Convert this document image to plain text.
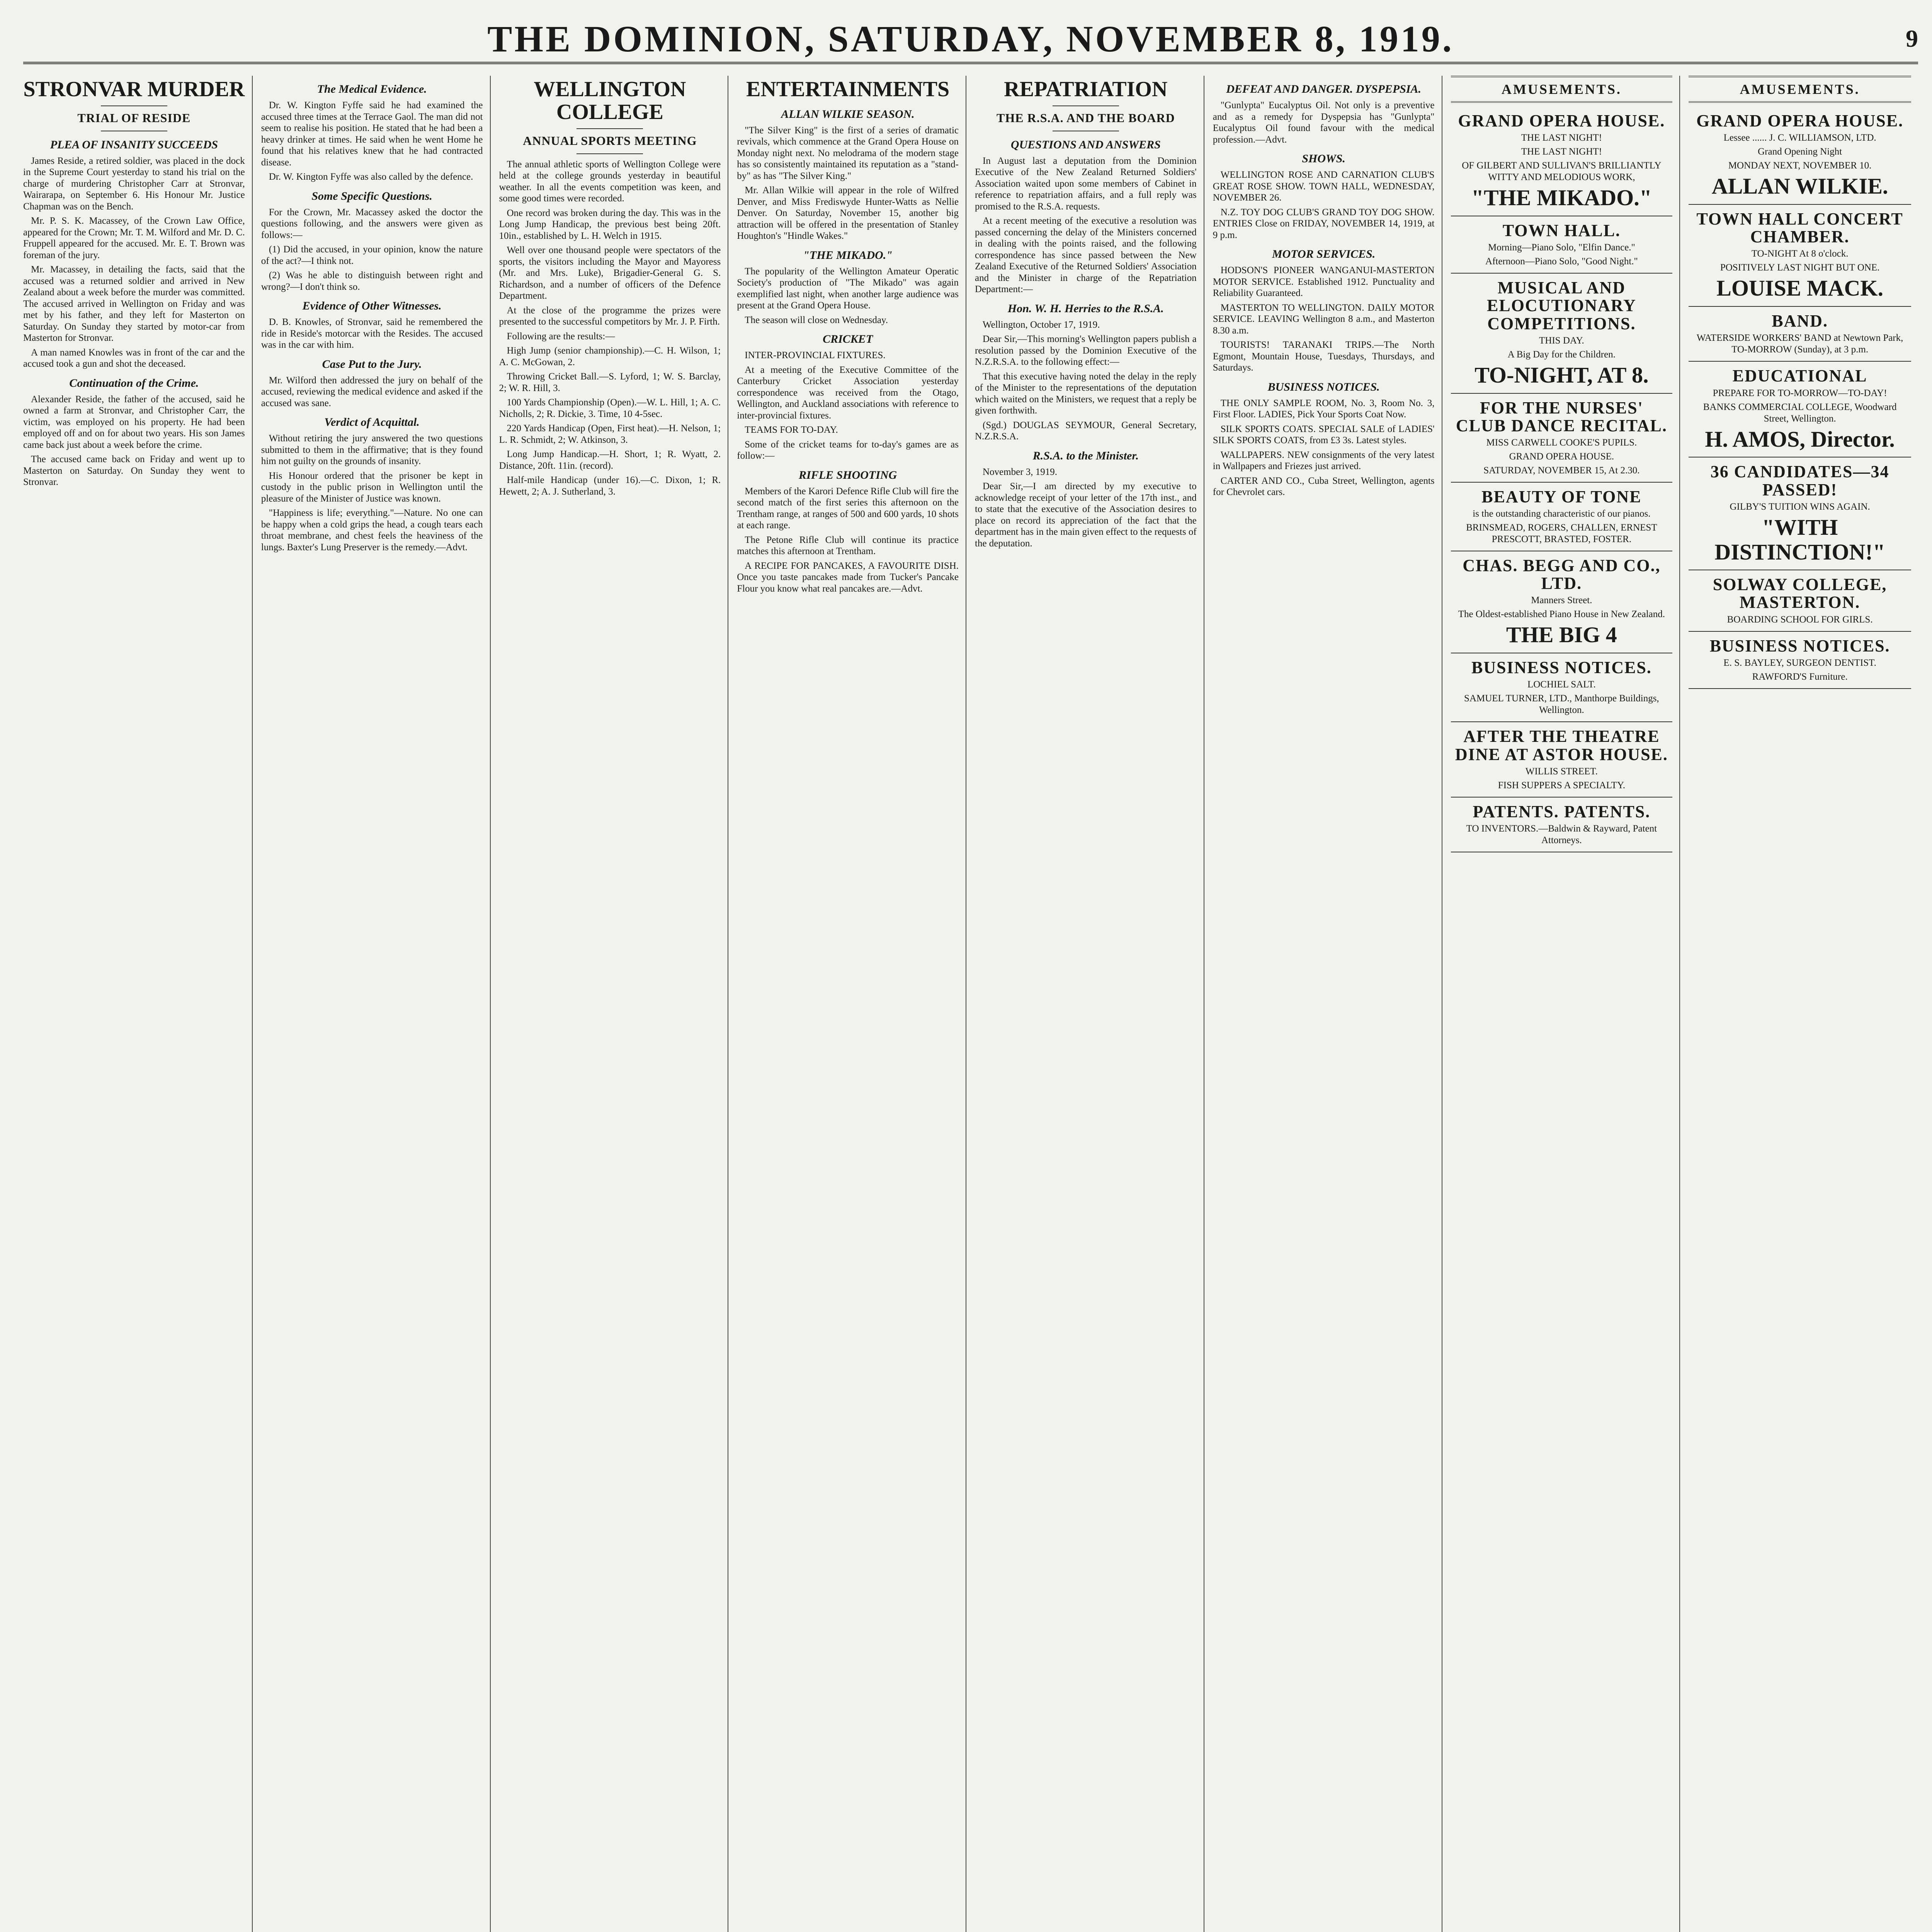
THE DOMINION, SATURDAY, NOVEMBER 8, 1919.	9
STRONVAR MURDER
TRIAL OF RESIDE
PLEA OF INSANITY SUCCEEDS

James Reside, a retired soldier, was placed in the dock in the Supreme Court yesterday to stand his trial on the charge of murdering Christopher Carr at Stronvar, Wairarapa, on September 6. His Honour Mr. Justice Chapman was on the Bench.

Mr. P. S. K. Macassey, of the Crown Law Office, appeared for the Crown; Mr. T. M. Wilford and Mr. D. C. Fruppell appeared for the accused. Mr. E. T. Brown was foreman of the jury.

Mr. Macassey, in detailing the facts, said that the accused was a returned soldier and arrived in New Zealand about a week before the murder was committed. The accused arrived in Wellington on Friday and was met by his father, and they left for Masterton on Saturday. On Sunday they started by motor-car from Masterton for Stronvar.

A man named Knowles was in front of the car and the accused took a gun and shot the deceased.

Continuation of the Crime.

Alexander Reside, the father of the accused, said he owned a farm at Stronvar, and Christopher Carr, the victim, was employed on his property. He had been employed off and on for about two years. His son James came back just about a week before the crime.

The accused came back on Friday and went up to Masterton on Saturday. On Sunday they went to Stronvar.

The Medical Evidence.

Dr. W. Kington Fyffe said he had examined the accused three times at the Terrace Gaol. The man did not seem to realise his position. He stated that he had been a heavy drinker at times. He said when he went Home he found that his relatives knew that he had contracted disease.

Dr. W. Kington Fyffe was also called by the defence.

Some Specific Questions.

For the Crown, Mr. Macassey asked the doctor the questions following, and the answers were given as follows:—

(1) Did the accused, in your opinion, know the nature of the act?—I think not.

(2) Was he able to distinguish between right and wrong?—I don't think so.

Evidence of Other Witnesses.

D. B. Knowles, of Stronvar, said he remembered the ride in Reside's motorcar with the Resides. The accused was in the car with him.

Case Put to the Jury.

Mr. Wilford then addressed the jury on behalf of the accused, reviewing the medical evidence and asked if the accused was sane.

Verdict of Acquittal.

Without retiring the jury answered the two questions submitted to them in the affirmative; that is they found him not guilty on the grounds of insanity.

His Honour ordered that the prisoner be kept in custody in the public prison in Wellington until the pleasure of the Minister of Justice was known.

"Happiness is life; everything."—Nature. No one can be happy when a cold grips the head, a cough tears each throat membrane, and chest feels the heaviness of the lungs. Baxter's Lung Preserver is the remedy.—Advt.

WELLINGTON COLLEGE
ANNUAL SPORTS MEETING

The annual athletic sports of Wellington College were held at the college grounds yesterday in beautiful weather. In all the events competition was keen, and some good times were recorded.

One record was broken during the day. This was in the Long Jump Handicap, the previous best being 20ft. 10in., established by L. H. Welch in 1915.

Well over one thousand people were spectators of the sports, the visitors including the Mayor and Mayoress (Mr. and Mrs. Luke), Brigadier-General G. S. Richardson, and a number of officers of the Defence Department.

At the close of the programme the prizes were presented to the successful competitors by Mr. J. P. Firth.

Following are the results:—

High Jump (senior championship).—C. H. Wilson, 1; A. C. McGowan, 2.

Throwing Cricket Ball.—S. Lyford, 1; W. S. Barclay, 2; W. R. Hill, 3.

100 Yards Championship (Open).—W. L. Hill, 1; A. C. Nicholls, 2; R. Dickie, 3. Time, 10 4-5sec.

220 Yards Handicap (Open, First heat).—H. Nelson, 1; L. R. Schmidt, 2; W. Atkinson, 3.

Long Jump Handicap.—H. Short, 1; R. Wyatt, 2. Distance, 20ft. 11in. (record).

Half-mile Handicap (under 16).—C. Dixon, 1; R. Hewett, 2; A. J. Sutherland, 3.

ENTERTAINMENTS
ALLAN WILKIE SEASON.

"The Silver King" is the first of a series of dramatic revivals, which commence at the Grand Opera House on Monday night next. No melodrama of the modern stage has so consistently maintained its reputation as a "stand-by" as has "The Silver King."

Mr. Allan Wilkie will appear in the role of Wilfred Denver, and Miss Frediswyde Hunter-Watts as Nellie Denver. On Saturday, November 15, another big attraction will be offered in the presentation of Stanley Houghton's "Hindle Wakes."

"THE MIKADO."

The popularity of the Wellington Amateur Operatic Society's production of "The Mikado" was again exemplified last night, when another large audience was present at the Grand Opera House.

The season will close on Wednesday.

CRICKET

INTER-PROVINCIAL FIXTURES.

At a meeting of the Executive Committee of the Canterbury Cricket Association yesterday correspondence was received from the Otago, Wellington, and Auckland associations with reference to inter-provincial fixtures.

TEAMS FOR TO-DAY.

Some of the cricket teams for to-day's games are as follow:—

RIFLE SHOOTING

Members of the Karori Defence Rifle Club will fire the second match of the first series this afternoon on the Trentham range, at ranges of 500 and 600 yards, 10 shots at each range.

The Petone Rifle Club will continue its practice matches this afternoon at Trentham.

A RECIPE FOR PANCAKES, A FAVOURITE DISH. Once you taste pancakes made from Tucker's Pancake Flour you know what real pancakes are.—Advt.

REPATRIATION
THE R.S.A. AND THE BOARD
QUESTIONS AND ANSWERS

In August last a deputation from the Dominion Executive of the New Zealand Returned Soldiers' Association waited upon some members of Cabinet in reference to repatriation affairs, and a full reply was promised to the R.S.A. requests.

At a recent meeting of the executive a resolution was passed concerning the delay of the Ministers concerned in dealing with the points raised, and the following correspondence has since passed between the New Zealand Executive of the Returned Soldiers' Association and the Minister in charge of the Repatriation Department:—

Hon. W. H. Herries to the R.S.A.

Wellington, October 17, 1919.

Dear Sir,—This morning's Wellington papers publish a resolution passed by the Dominion Executive of the N.Z.R.S.A. to the following effect:—

That this executive having noted the delay in the reply of the Minister to the representations of the deputation which waited on the Ministers, we request that a reply be given forthwith.

(Sgd.) DOUGLAS SEYMOUR, General Secretary, N.Z.R.S.A.

R.S.A. to the Minister.

November 3, 1919.

Dear Sir,—I am directed by my executive to acknowledge receipt of your letter of the 17th inst., and to state that the executive of the Association desires to place on record its appreciation of the fact that the department has in the main given effect to the requests of the deputation.

DEFEAT AND DANGER. DYSPEPSIA.

"Gunlypta" Eucalyptus Oil. Not only is a preventive and as a remedy for Dyspepsia has "Gunlypta" Eucalyptus Oil found favour with the medical profession.—Advt.

SHOWS.

WELLINGTON ROSE AND CARNATION CLUB'S GREAT ROSE SHOW. TOWN HALL, WEDNESDAY, NOVEMBER 26.

N.Z. TOY DOG CLUB'S GRAND TOY DOG SHOW. ENTRIES Close on FRIDAY, NOVEMBER 14, 1919, at 9 p.m.

MOTOR SERVICES.

HODSON'S PIONEER WANGANUI-MASTERTON MOTOR SERVICE. Established 1912. Punctuality and Reliability Guaranteed.

MASTERTON TO WELLINGTON. DAILY MOTOR SERVICE. LEAVING Wellington 8 a.m., and Masterton 8.30 a.m.

TOURISTS! TARANAKI TRIPS.—The North Egmont, Mountain House, Tuesdays, Thursdays, and Saturdays.

BUSINESS NOTICES.

THE ONLY SAMPLE ROOM, No. 3, Room No. 3, First Floor. LADIES, Pick Your Sports Coat Now.

SILK SPORTS COATS. SPECIAL SALE of LADIES' SILK SPORTS COATS, from £3 3s. Latest styles.

WALLPAPERS. NEW consignments of the very latest in Wallpapers and Friezes just arrived.

CARTER AND CO., Cuba Street, Wellington, agents for Chevrolet cars.

AMUSEMENTS.
GRAND OPERA HOUSE.
THE LAST NIGHT!
THE LAST NIGHT!
OF GILBERT AND SULLIVAN'S BRILLIANTLY WITTY AND MELODIOUS WORK,
"THE MIKADO."
TOWN HALL.
Morning—Piano Solo, "Elfin Dance."
Afternoon—Piano Solo, "Good Night."
MUSICAL AND ELOCUTIONARY COMPETITIONS.
THIS DAY.
A Big Day for the Children.
TO-NIGHT, AT 8.
FOR THE NURSES' CLUB DANCE RECITAL.
MISS CARWELL COOKE'S PUPILS.
GRAND OPERA HOUSE.
SATURDAY, NOVEMBER 15, At 2.30.
BEAUTY OF TONE
is the outstanding characteristic of our pianos.
BRINSMEAD, ROGERS, CHALLEN, ERNEST PRESCOTT, BRASTED, FOSTER.
CHAS. BEGG AND CO., LTD.
Manners Street.
The Oldest-established Piano House in New Zealand.
THE BIG 4
BUSINESS NOTICES.
LOCHIEL SALT.
SAMUEL TURNER, LTD., Manthorpe Buildings, Wellington.
AFTER THE THEATRE DINE AT ASTOR HOUSE.
WILLIS STREET.
FISH SUPPERS A SPECIALTY.
PATENTS. PATENTS.
TO INVENTORS.—Baldwin & Rayward, Patent Attorneys.
AMUSEMENTS.
GRAND OPERA HOUSE.
Lessee ...... J. C. WILLIAMSON, LTD.
Grand Opening Night
MONDAY NEXT, NOVEMBER 10.
ALLAN WILKIE.
TOWN HALL CONCERT CHAMBER.
TO-NIGHT At 8 o'clock.
POSITIVELY LAST NIGHT BUT ONE.
LOUISE MACK.
BAND.
WATERSIDE WORKERS' BAND at Newtown Park, TO-MORROW (Sunday), at 3 p.m.
EDUCATIONAL
PREPARE FOR TO-MORROW—TO-DAY!
BANKS COMMERCIAL COLLEGE, Woodward Street, Wellington.
H. AMOS, Director.
36 CANDIDATES—34 PASSED!
GILBY'S TUITION WINS AGAIN.
"WITH DISTINCTION!"
SOLWAY COLLEGE, MASTERTON.
BOARDING SCHOOL FOR GIRLS.
BUSINESS NOTICES.
E. S. BAYLEY, SURGEON DENTIST.
RAWFORD'S Furniture.
